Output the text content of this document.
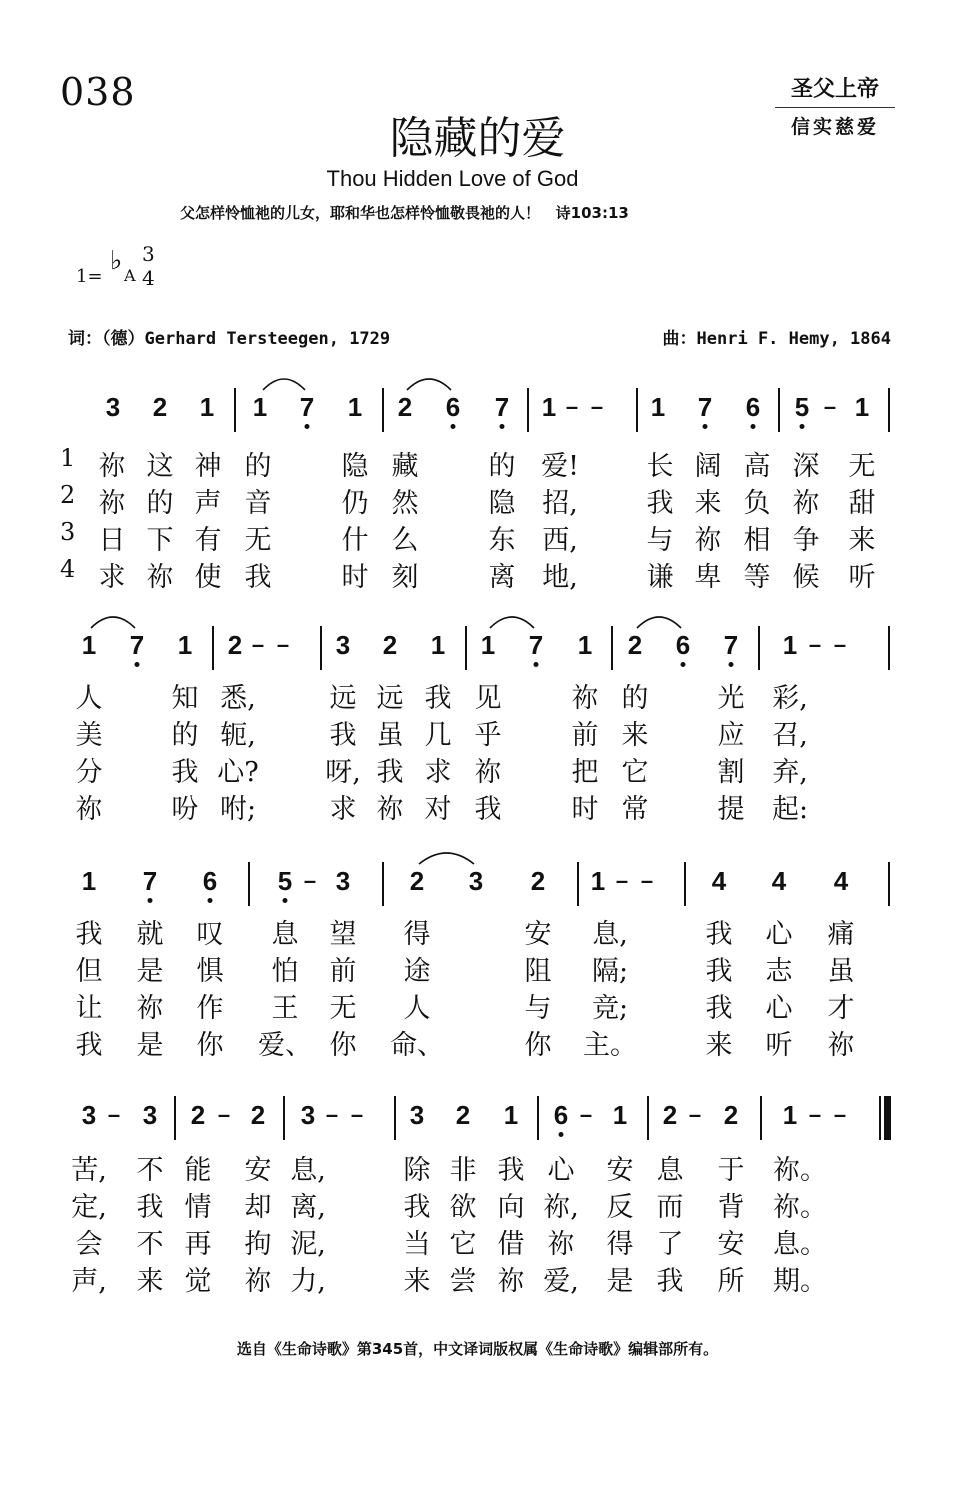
038	圣父上帝
信实慈爱
隐藏的爱
Thou Hidden Love of God
父怎样怜恤祂的儿女，耶和华也怎样怜恤敬畏祂的人！   诗103:13
1=
♭ A
3
4
词：（德）Gerhard Tersteegen, 1729	曲：Henri F. Hemy, 1864
3 2 1 1 7 1 2 6 7 1 – – 1 7 6 5 – 1
1 祢 这 神 的	隐 藏	的 爱!	长 阔 高 深 无
2 祢 的 声 音	仍 然	隐 招,	我 来 负 祢 甜
3 日 下 有 无	什 么	东 西,	与 祢 相 争 来
4 求 祢 使 我	时 刻	离 地,	谦 卑 等 候 听
1 7 1 2 – – 3 2 1 1 7 1 2 6 7 1 – –
人	知 悉,	远 远 我 见	祢 的	光 彩,
美	的 轭,	我 虽 几 乎	前 来	应 召,
分	我 心? 呀, 我 求 祢	把 它	割 弃,
祢	吩 咐;	求 祢 对 我	时 常	提 起:
1 7 6 5 – 3 2 3 2 1 – – 4 4 4
我 就 叹 息 望 得	安 息,	我 心 痛
但 是 惧 怕 前 途	阻 隔;	我 志 虽
让 祢 作 王 无 人	与 竞;	我 心 才
我 是 你 爱、 你 命、	你 主。	来 听 祢
3 – 3 2 – 2 3 – – 3 2 1 6 – 1 2 – 2 1 – –
苦, 不 能 安 息,	除 非 我 心 安 息 于 祢。
定, 我 情 却 离,	我 欲 向 祢, 反 而 背 祢。
会 不 再 拘 泥,	当 它 借 祢 得 了 安 息。
声, 来 觉 祢 力,	来 尝 祢 爱, 是 我 所 期。
选自《生命诗歌》第345首，中文译词版权属《生命诗歌》编辑部所有。
